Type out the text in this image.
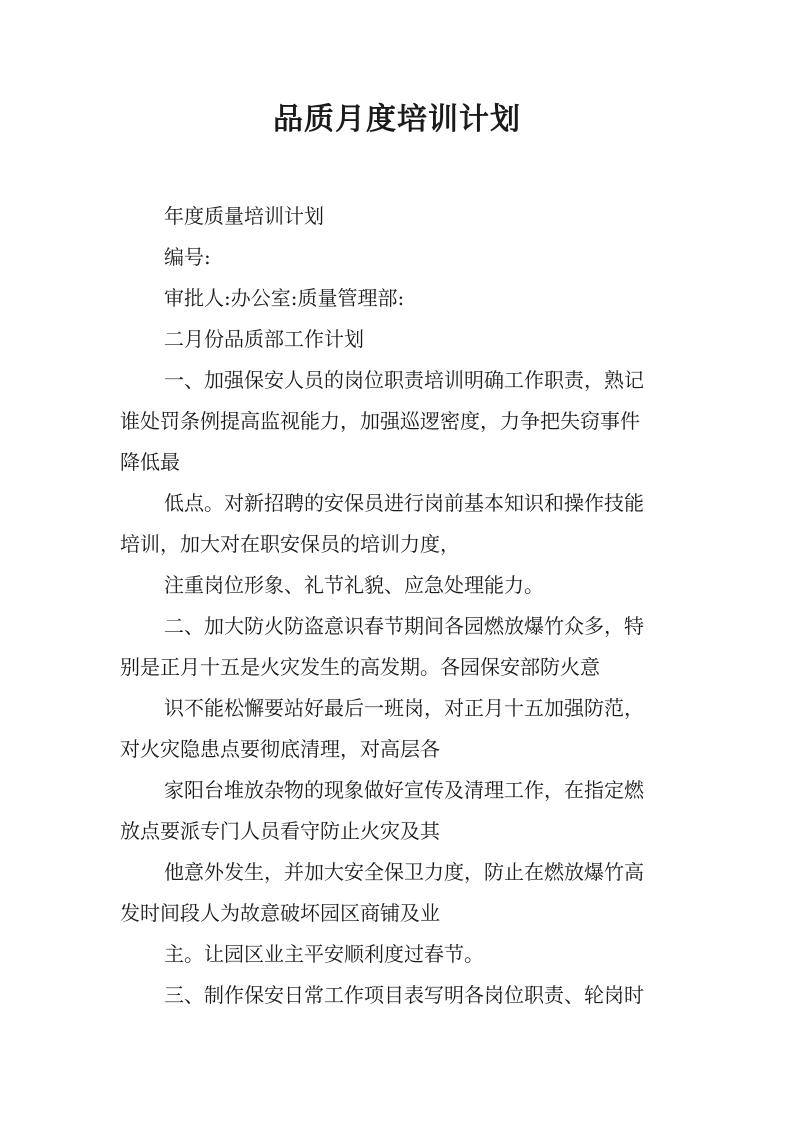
品质月度培训计划
年度质量培训计划
编号:
审批人:办公室:质量管理部:
二月份品质部工作计划
一、加强保安人员的岗位职责培训明确工作职责，熟记
谁处罚条例提高监视能力，加强巡逻密度，力争把失窃事件
降低最
低点。对新招聘的安保员进行岗前基本知识和操作技能
培训，加大对在职安保员的培训力度，
注重岗位形象、礼节礼貌、应急处理能力。
二、加大防火防盗意识春节期间各园燃放爆竹众多，特
别是正月十五是火灾发生的高发期。各园保安部防火意
识不能松懈要站好最后一班岗，对正月十五加强防范，
对火灾隐患点要彻底清理，对高层各
家阳台堆放杂物的现象做好宣传及清理工作，在指定燃
放点要派专门人员看守防止火灾及其
他意外发生，并加大安全保卫力度，防止在燃放爆竹高
发时间段人为故意破坏园区商铺及业
主。让园区业主平安顺利度过春节。
三、制作保安日常工作项目表写明各岗位职责、轮岗时
